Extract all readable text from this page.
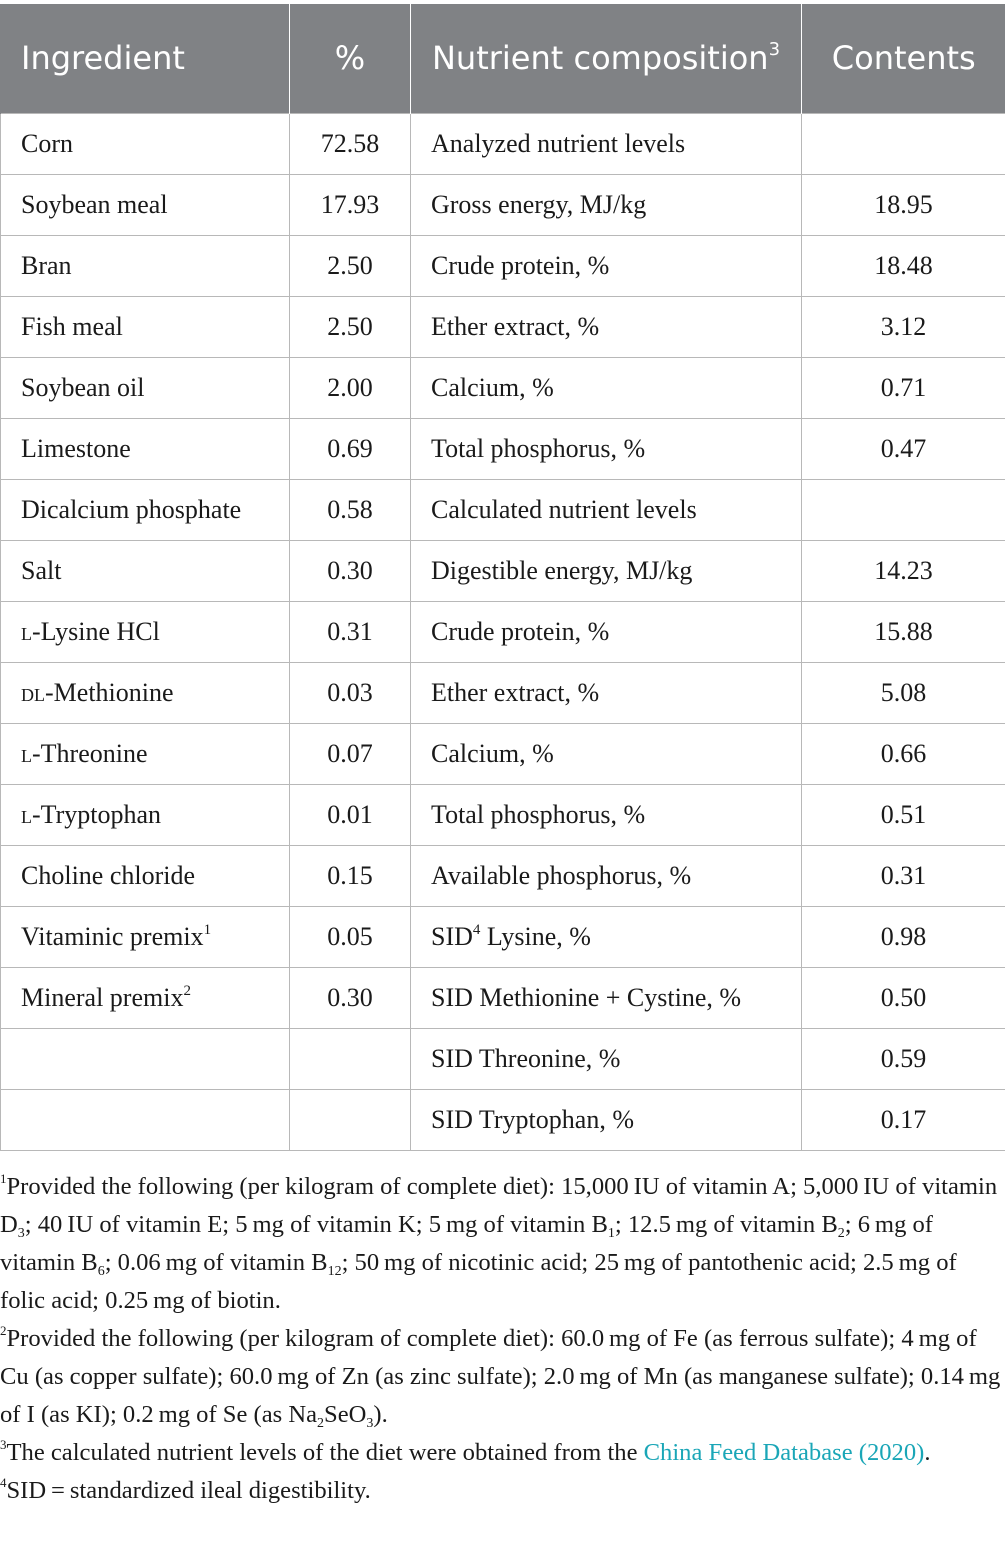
Ingredient	%	Nutrient composition$^3$	Contents
Corn	72.58	Analyzed nutrient levels	
Soybean meal	17.93	Gross energy, MJ/kg	18.95
Bran	2.50	Crude protein, %	18.48
Fish meal	2.50	Ether extract, %	3.12
Soybean oil	2.00	Calcium, %	0.71
Limestone	0.69	Total phosphorus, %	0.47
Dicalcium phosphate	0.58	Calculated nutrient levels	
Salt	0.30	Digestible energy, MJ/kg	14.23
l-Lysine HCl	0.31	Crude protein, %	15.88
dl-Methionine	0.03	Ether extract, %	5.08
l-Threonine	0.07	Calcium, %	0.66
l-Tryptophan	0.01	Total phosphorus, %	0.51
Choline chloride	0.15	Available phosphorus, %	0.31
Vitaminic premix$^1$	0.05	SID$^4$ Lysine, %	0.98
Mineral premix$^2$	0.30	SID Methionine + Cystine, %	0.50
		SID Threonine, %	0.59
		SID Tryptophan, %	0.17

$^1$Provided the following (per kilogram of complete diet): 15,000 IU of vitamin A; 5,000 IU of vitamin $D_3$; 40 IU of vitamin E; 5 mg of vitamin K; 5 mg of vitamin $B_1$; 12.5 mg of vitamin $B_2$; 6 mg of vitamin $B_6$; 0.06 mg of vitamin $B_{12}$; 50 mg of nicotinic acid; 25 mg of pantothenic acid; 2.5 mg of folic acid; 0.25 mg of biotin.

$^2$Provided the following (per kilogram of complete diet): 60.0 mg of Fe (as ferrous sulfate); 4 mg of Cu (as copper sulfate); 60.0 mg of Zn (as zinc sulfate); 2.0 mg of Mn (as manganese sulfate); 0.14 mg of I (as KI); 0.2 mg of Se (as $Na_2SeO_3$).

$^3$The calculated nutrient levels of the diet were obtained from the China Feed Database (2020).

$^4$SID = standardized ileal digestibility.
